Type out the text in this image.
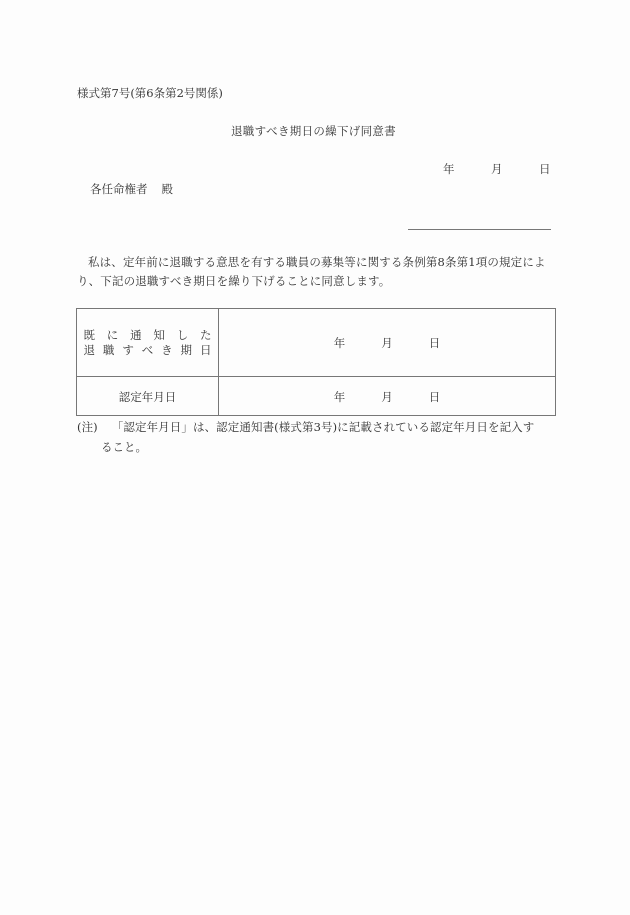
様式第7号(第6条第2号関係)
退職すべき期日の繰下げ同意書
年	月	日
各任命権者 殿
私は、定年前に退職する意思を有する職員の募集等に関する条例第8条第1項の規定により、下記の退職すべき期日を繰り下げることに同意します。
既 に 通 知 し た
退 職 す べ き 期 日	年	月	日
認定年月日	年	月	日
(注) 「認定年月日」は、認定通知書(様式第3号)に記載されている認定年月日を記入す
ること。
